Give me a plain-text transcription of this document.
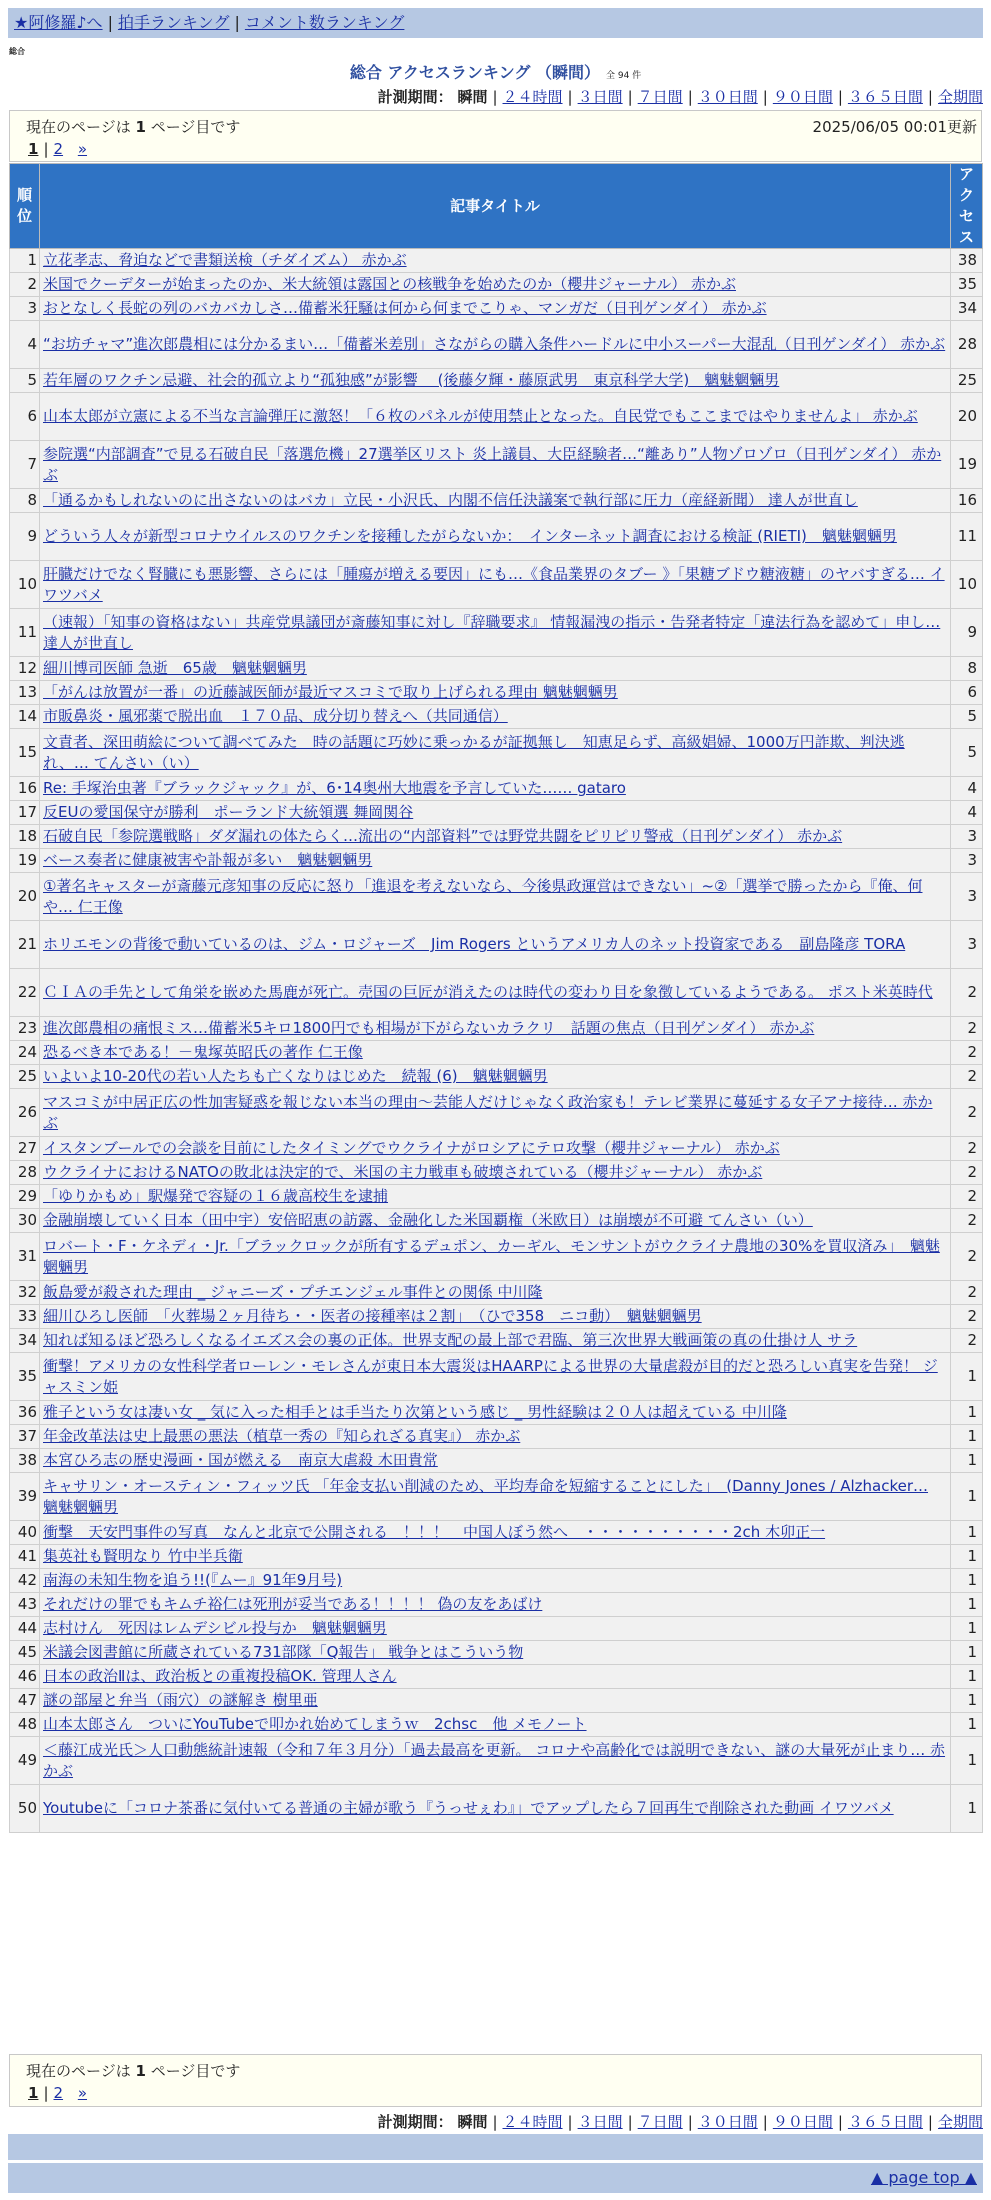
★阿修羅♪へ | 拍手ランキング | コメント数ランキング
総合
総合 アクセスランキング （瞬間） 全 94 件
計測期間： 瞬間 | ２４時間 | ３日間 | ７日間 | ３０日間 | ９０日間 | ３６５日間 | 全期間
現在のページは 1 ページ目です	2025/06/05 00:01更新
1 | 2 »
順位	記事タイトル	アクセス
1	立花孝志、脅迫などで書類送検（チダイズム） 赤かぶ	38
2	米国でクーデターが始まったのか、米大統領は露国との核戦争を始めたのか（櫻井ジャーナル） 赤かぶ	35
3	おとなしく長蛇の列のバカバカしさ…備蓄米狂騒は何から何までこりゃ、マンガだ（日刊ゲンダイ） 赤かぶ	34
4	“お坊チャマ”進次郎農相には分かるまい…「備蓄米差別」さながらの購入条件ハードルに中小スーパー大混乱（日刊ゲンダイ） 赤かぶ	28
5	若年層のワクチン忌避、社会的孤立より“孤独感”が影響 　(後藤夕輝・藤原武男　東京科学大学)　魑魅魍魎男	25
6	山本太郎が立憲による不当な言論弾圧に激怒！「６枚のパネルが使用禁止となった。自民党でもここまではやりませんよ」 赤かぶ	20
7	参院選“内部調査”で見る石破自民「落選危機」27選挙区リスト 炎上議員、大臣経験者…“離あり”人物ゾロゾロ（日刊ゲンダイ） 赤かぶ	19
8	「通るかもしれないのに出さないのはバカ」立民・小沢氏、内閣不信任決議案で執行部に圧力（産経新聞） 達人が世直し	16
9	どういう人々が新型コロナウイルスのワクチンを接種したがらないか：　インターネット調査における検証 (RIETI)　魑魅魍魎男	11
10	肝臓だけでなく腎臓にも悪影響、さらには「腫瘍が増える要因」にも…《食品業界のタブー 》「果糖ブドウ糖液糖」のヤバすぎる… イワツバメ	10
11	（速報）「知事の資格はない」共産党県議団が斎藤知事に対し『辞職要求』 情報漏洩の指示・告発者特定「違法行為を認めて」申し… 達人が世直し	9
12	細川博司医師 急逝　65歳　魑魅魍魎男	8
13	「がんは放置が一番」の近藤誠医師が最近マスコミで取り上げられる理由 魑魅魍魎男	6
14	市販鼻炎・風邪薬で脱出血　１７０品、成分切り替えへ（共同通信）	5
15	文責者、深田萌絵について調べてみた　時の話題に巧妙に乗っかるが証拠無し　知恵足らず、高級娼婦、1000万円詐欺、判決逃れ、… てんさい（い）	5
16	Re: 手塚治虫著『ブラックジャック』が、6･14奥州大地震を予言していた…… gataro	4
17	反EUの愛国保守が勝利　ポーランド大統領選 舞岡関谷	4
18	石破自民「参院選戦略」ダダ漏れの体たらく…流出の“内部資料”では野党共闘をピリピリ警戒（日刊ゲンダイ） 赤かぶ	3
19	ベース奏者に健康被害や訃報が多い　魑魅魍魎男	3
20	①著名キャスターが斎藤元彦知事の反応に怒り「進退を考えないなら、今後県政運営はできない」~②「選挙で勝ったから『俺、何や… 仁王像	3
21	ホリエモンの背後で動いているのは、ジム・ロジャーズ　Jim Rogers というアメリカ人のネット投資家である　副島隆彦 TORA	3
22	ＣＩＡの手先として角栄を嵌めた馬鹿が死亡。売国の巨匠が消えたのは時代の変わり目を象徴しているようである。 ポスト米英時代	2
23	進次郎農相の痛恨ミス…備蓄米5キロ1800円でも相場が下がらないカラクリ　話題の焦点（日刊ゲンダイ） 赤かぶ	2
24	恐るべき本である！－鬼塚英昭氏の著作 仁王像	2
25	いよいよ10-20代の若い人たちも亡くなりはじめた　続報 (6)　魑魅魍魎男	2
26	マスコミが中居正広の性加害疑惑を報じない本当の理由～芸能人だけじゃなく政治家も！テレビ業界に蔓延する女子アナ接待… 赤かぶ	2
27	イスタンブールでの会談を目前にしたタイミングでウクライナがロシアにテロ攻撃（櫻井ジャーナル） 赤かぶ	2
28	ウクライナにおけるNATOの敗北は決定的で、米国の主力戦車も破壊されている（櫻井ジャーナル） 赤かぶ	2
29	「ゆりかもめ」駅爆発で容疑の１６歳高校生を逮捕	2
30	金融崩壊していく日本（田中宇）安倍昭恵の訪露、金融化した米国覇権（米欧日）は崩壊が不可避 てんさい（い）	2
31	ロバート・F・ケネディ・Jr.「ブラックロックが所有するデュポン、カーギル、モンサントがウクライナ農地の30%を買収済み」　魑魅魍魎男	2
32	飯島愛が殺された理由 _ ジャニーズ・プチエンジェル事件との関係 中川隆	2
33	細川ひろし医師　「火葬場２ヶ月待ち・・医者の接種率は２割」　（ひで358　ニコ動）　魑魅魍魎男	2
34	知れば知るほど恐ろしくなるイエズス会の裏の正体。世界支配の最上部で君臨、第三次世界大戦画策の真の仕掛け人 サラ	2
35	衝撃！アメリカの女性科学者ローレン・モレさんが東日本大震災はHAARPによる世界の大量虐殺が目的だと恐ろしい真実を告発！ ジャスミン姫	1
36	雅子という女は凄い女 _ 気に入った相手とは手当たり次第という感じ _ 男性経験は２０人は超えている 中川隆	1
37	年金改革法は史上最悪の悪法（植草一秀の『知られざる真実』） 赤かぶ	1
38	本宮ひろ志の歴史漫画・国が燃える　南京大虐殺 木田貴常	1
39	キャサリン・オースティン・フィッツ氏 「年金支払い削減のため、平均寿命を短縮することにした」　(Danny Jones / Alzhacker… 魑魅魍魎男	1
40	衝撃　天安門事件の写真　なんと北京で公開される　！！！　中国人ぼう然へ　・・・・・・・・・・2ch 木卯正一	1
41	集英社も賢明なり 竹中半兵衛	1
42	南海の未知生物を追う!!(『ムー』91年9月号)	1
43	それだけの罪でもキムチ裕仁は死刑が妥当である！！！！ 偽の友をあばけ	1
44	志村けん　死因はレムデシビル投与か　魑魅魍魎男	1
45	米議会図書館に所蔵されている731部隊「Q報告」 戦争とはこういう物	1
46	日本の政治Ⅱは、政治板との重複投稿OK. 管理人さん	1
47	謎の部屋と弁当（雨穴）の謎解き 樹里亜	1
48	山本太郎さん　ついにYouTubeで叩かれ始めてしまうｗ　2chsc　他 メモノート	1
49	＜藤江成光氏＞人口動態統計速報（令和７年３月分）「過去最高を更新。 コロナや高齢化では説明できない、謎の大量死が止まり… 赤かぶ	1
50	Youtubeに「コロナ茶番に気付いてる普通の主婦が歌う『うっせぇわ』」でアップしたら７回再生で削除された動画 イワツバメ	1
現在のページは 1 ページ目です
1 | 2 »
計測期間： 瞬間 | ２４時間 | ３日間 | ７日間 | ３０日間 | ９０日間 | ３６５日間 | 全期間
▲ page top ▲
